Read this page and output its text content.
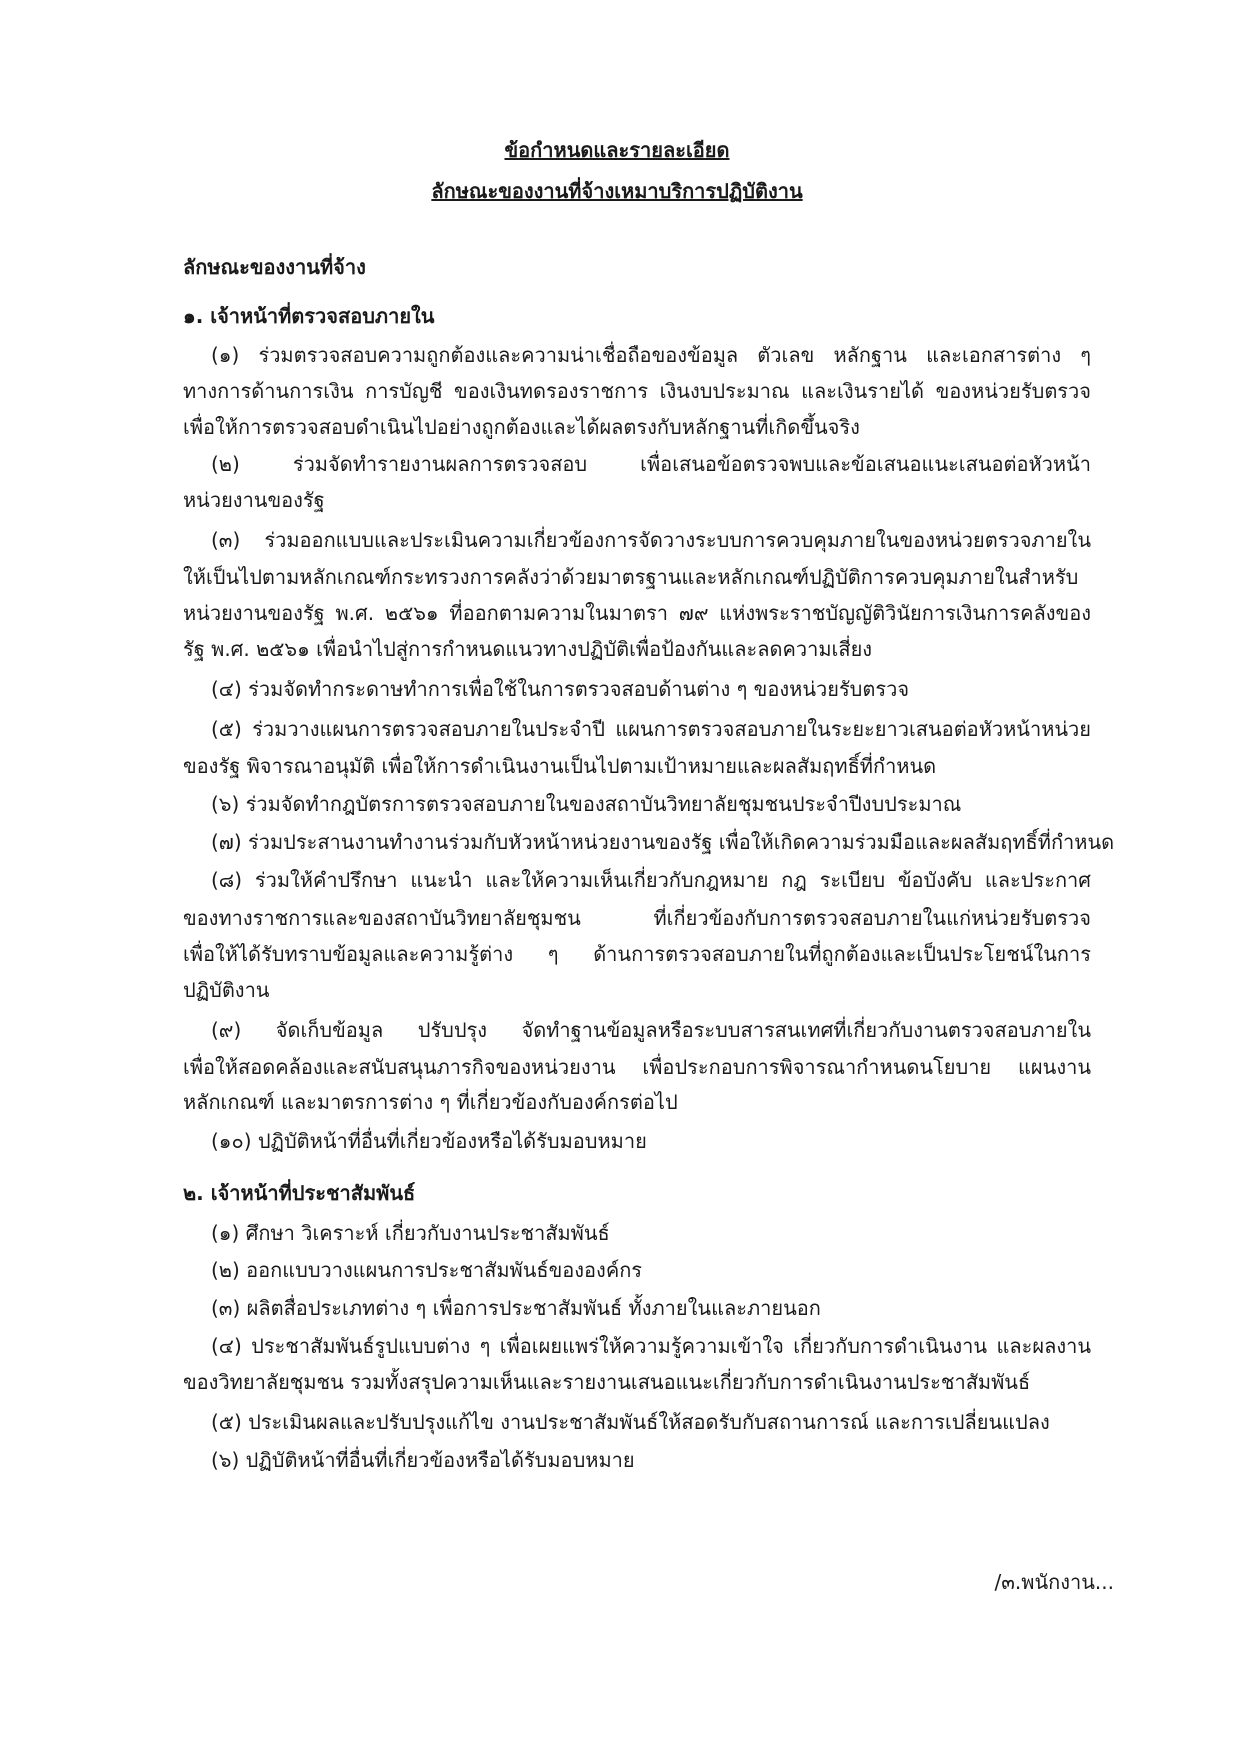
ข้อกำหนดและรายละเอียด
ลักษณะของงานที่จ้างเหมาบริการปฏิบัติงาน
ลักษณะของงานที่จ้าง
๑. เจ้าหน้าที่ตรวจสอบภายใน
(๑) ร่วมตรวจสอบความถูกต้องและความน่าเชื่อถือของข้อมูล ตัวเลข หลักฐาน และเอกสารต่าง ๆ
ทางการด้านการเงิน การบัญชี ของเงินทดรองราชการ เงินงบประมาณ และเงินรายได้ ของหน่วยรับตรวจ
เพื่อให้การตรวจสอบดำเนินไปอย่างถูกต้องและได้ผลตรงกับหลักฐานที่เกิดขึ้นจริง
(๒) ร่วมจัดทำรายงานผลการตรวจสอบ เพื่อเสนอข้อตรวจพบและข้อเสนอแนะเสนอต่อหัวหน้า
หน่วยงานของรัฐ
(๓) ร่วมออกแบบและประเมินความเกี่ยวข้องการจัดวางระบบการควบคุมภายในของหน่วยตรวจภายใน
ให้เป็นไปตามหลักเกณฑ์กระทรวงการคลังว่าด้วยมาตรฐานและหลักเกณฑ์ปฏิบัติการควบคุมภายในสำหรับ
หน่วยงานของรัฐ พ.ศ. ๒๕๖๑ ที่ออกตามความในมาตรา ๗๙ แห่งพระราชบัญญัติวินัยการเงินการคลังของ
รัฐ พ.ศ. ๒๕๖๑ เพื่อนำไปสู่การกำหนดแนวทางปฏิบัติเพื่อป้องกันและลดความเสี่ยง
(๔) ร่วมจัดทำกระดาษทำการเพื่อใช้ในการตรวจสอบด้านต่าง ๆ ของหน่วยรับตรวจ
(๕) ร่วมวางแผนการตรวจสอบภายในประจำปี แผนการตรวจสอบภายในระยะยาวเสนอต่อหัวหน้าหน่วย
ของรัฐ พิจารณาอนุมัติ เพื่อให้การดำเนินงานเป็นไปตามเป้าหมายและผลสัมฤทธิ์ที่กำหนด
(๖) ร่วมจัดทำกฎบัตรการตรวจสอบภายในของสถาบันวิทยาลัยชุมชนประจำปีงบประมาณ
(๗) ร่วมประสานงานทำงานร่วมกับหัวหน้าหน่วยงานของรัฐ เพื่อให้เกิดความร่วมมือและผลสัมฤทธิ์ที่กำหนด
(๘) ร่วมให้คำปรึกษา แนะนำ และให้ความเห็นเกี่ยวกับกฎหมาย กฎ ระเบียบ ข้อบังคับ และประกาศ
ของทางราชการและของสถาบันวิทยาลัยชุมชน ที่เกี่ยวข้องกับการตรวจสอบภายในแก่หน่วยรับตรวจ
เพื่อให้ได้รับทราบข้อมูลและความรู้ต่าง ๆ ด้านการตรวจสอบภายในที่ถูกต้องและเป็นประโยชน์ในการ
ปฏิบัติงาน
(๙) จัดเก็บข้อมูล ปรับปรุง จัดทำฐานข้อมูลหรือระบบสารสนเทศที่เกี่ยวกับงานตรวจสอบภายใน
เพื่อให้สอดคล้องและสนับสนุนภารกิจของหน่วยงาน เพื่อประกอบการพิจารณากำหนดนโยบาย แผนงาน
หลักเกณฑ์ และมาตรการต่าง ๆ ที่เกี่ยวข้องกับองค์กรต่อไป
(๑๐) ปฏิบัติหน้าที่อื่นที่เกี่ยวข้องหรือได้รับมอบหมาย
๒. เจ้าหน้าที่ประชาสัมพันธ์
(๑) ศึกษา วิเคราะห์ เกี่ยวกับงานประชาสัมพันธ์
(๒) ออกแบบวางแผนการประชาสัมพันธ์ขององค์กร
(๓) ผลิตสื่อประเภทต่าง ๆ เพื่อการประชาสัมพันธ์ ทั้งภายในและภายนอก
(๔) ประชาสัมพันธ์รูปแบบต่าง ๆ เพื่อเผยแพร่ให้ความรู้ความเข้าใจ เกี่ยวกับการดำเนินงาน และผลงาน
ของวิทยาลัยชุมชน รวมทั้งสรุปความเห็นและรายงานเสนอแนะเกี่ยวกับการดำเนินงานประชาสัมพันธ์
(๕) ประเมินผลและปรับปรุงแก้ไข งานประชาสัมพันธ์ให้สอดรับกับสถานการณ์ และการเปลี่ยนแปลง
(๖) ปฏิบัติหน้าที่อื่นที่เกี่ยวข้องหรือได้รับมอบหมาย
/๓.พนักงาน...
